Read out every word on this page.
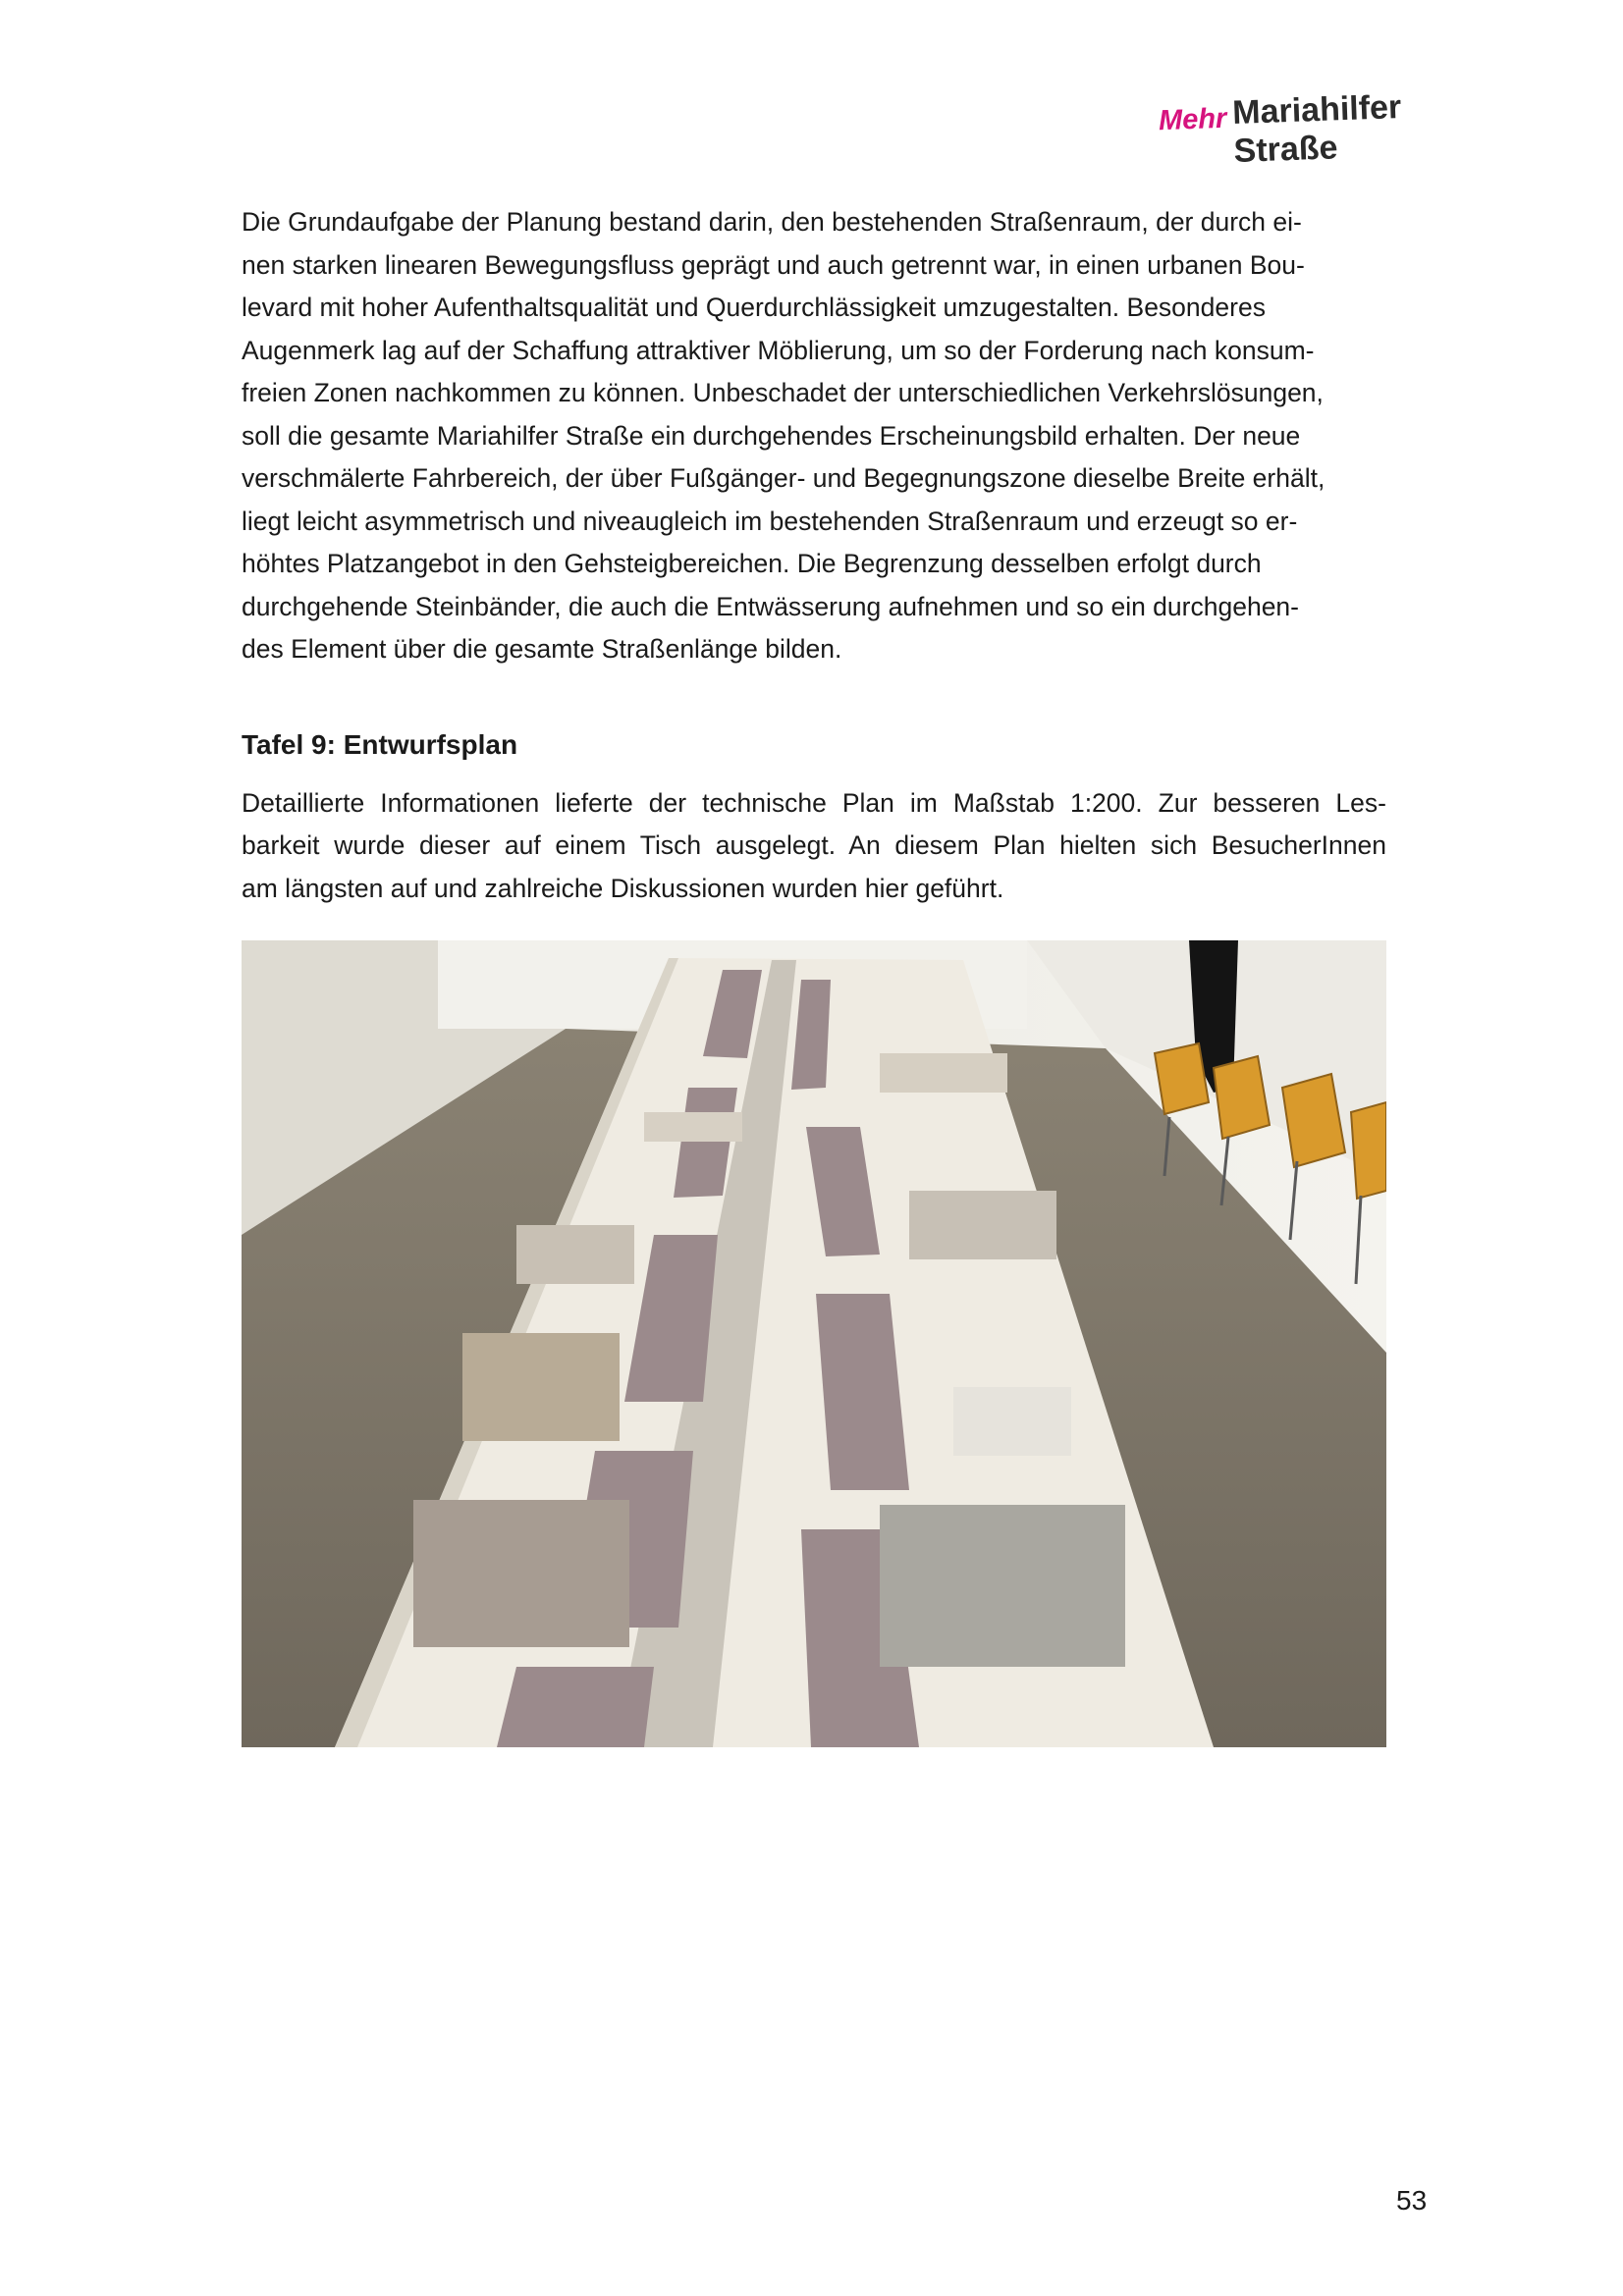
Mehr Mariahilfer Straße

Die Grundaufgabe der Planung bestand darin, den bestehenden Straßenraum, der durch ei-
nen starken linearen Bewegungsfluss geprägt und auch getrennt war, in einen urbanen Bou-
levard mit hoher Aufenthaltsqualität und Querdurchlässigkeit umzugestalten. Besonderes
Augenmerk lag auf der Schaffung attraktiver Möblierung, um so der Forderung nach konsum-
freien Zonen nachkommen zu können. Unbeschadet der unterschiedlichen Verkehrslösungen,
soll die gesamte Mariahilfer Straße ein durchgehendes Erscheinungsbild erhalten. Der neue
verschmälerte Fahrbereich, der über Fußgänger- und Begegnungszone dieselbe Breite erhält,
liegt leicht asymmetrisch und niveaugleich im bestehenden Straßenraum und erzeugt so er-
höhtes Platzangebot in den Gehsteigbereichen. Die Begrenzung desselben erfolgt durch
durchgehende Steinbänder, die auch die Entwässerung aufnehmen und so ein durchgehen-
des Element über die gesamte Straßenlänge bilden.

Tafel 9: Entwurfsplan

Detaillierte Informationen lieferte der technische Plan im Maßstab 1:200. Zur besseren Les-
barkeit wurde dieser auf einem Tisch ausgelegt. An diesem Plan hielten sich BesucherInnen
am längsten auf und zahlreiche Diskussionen wurden hier geführt.

53
